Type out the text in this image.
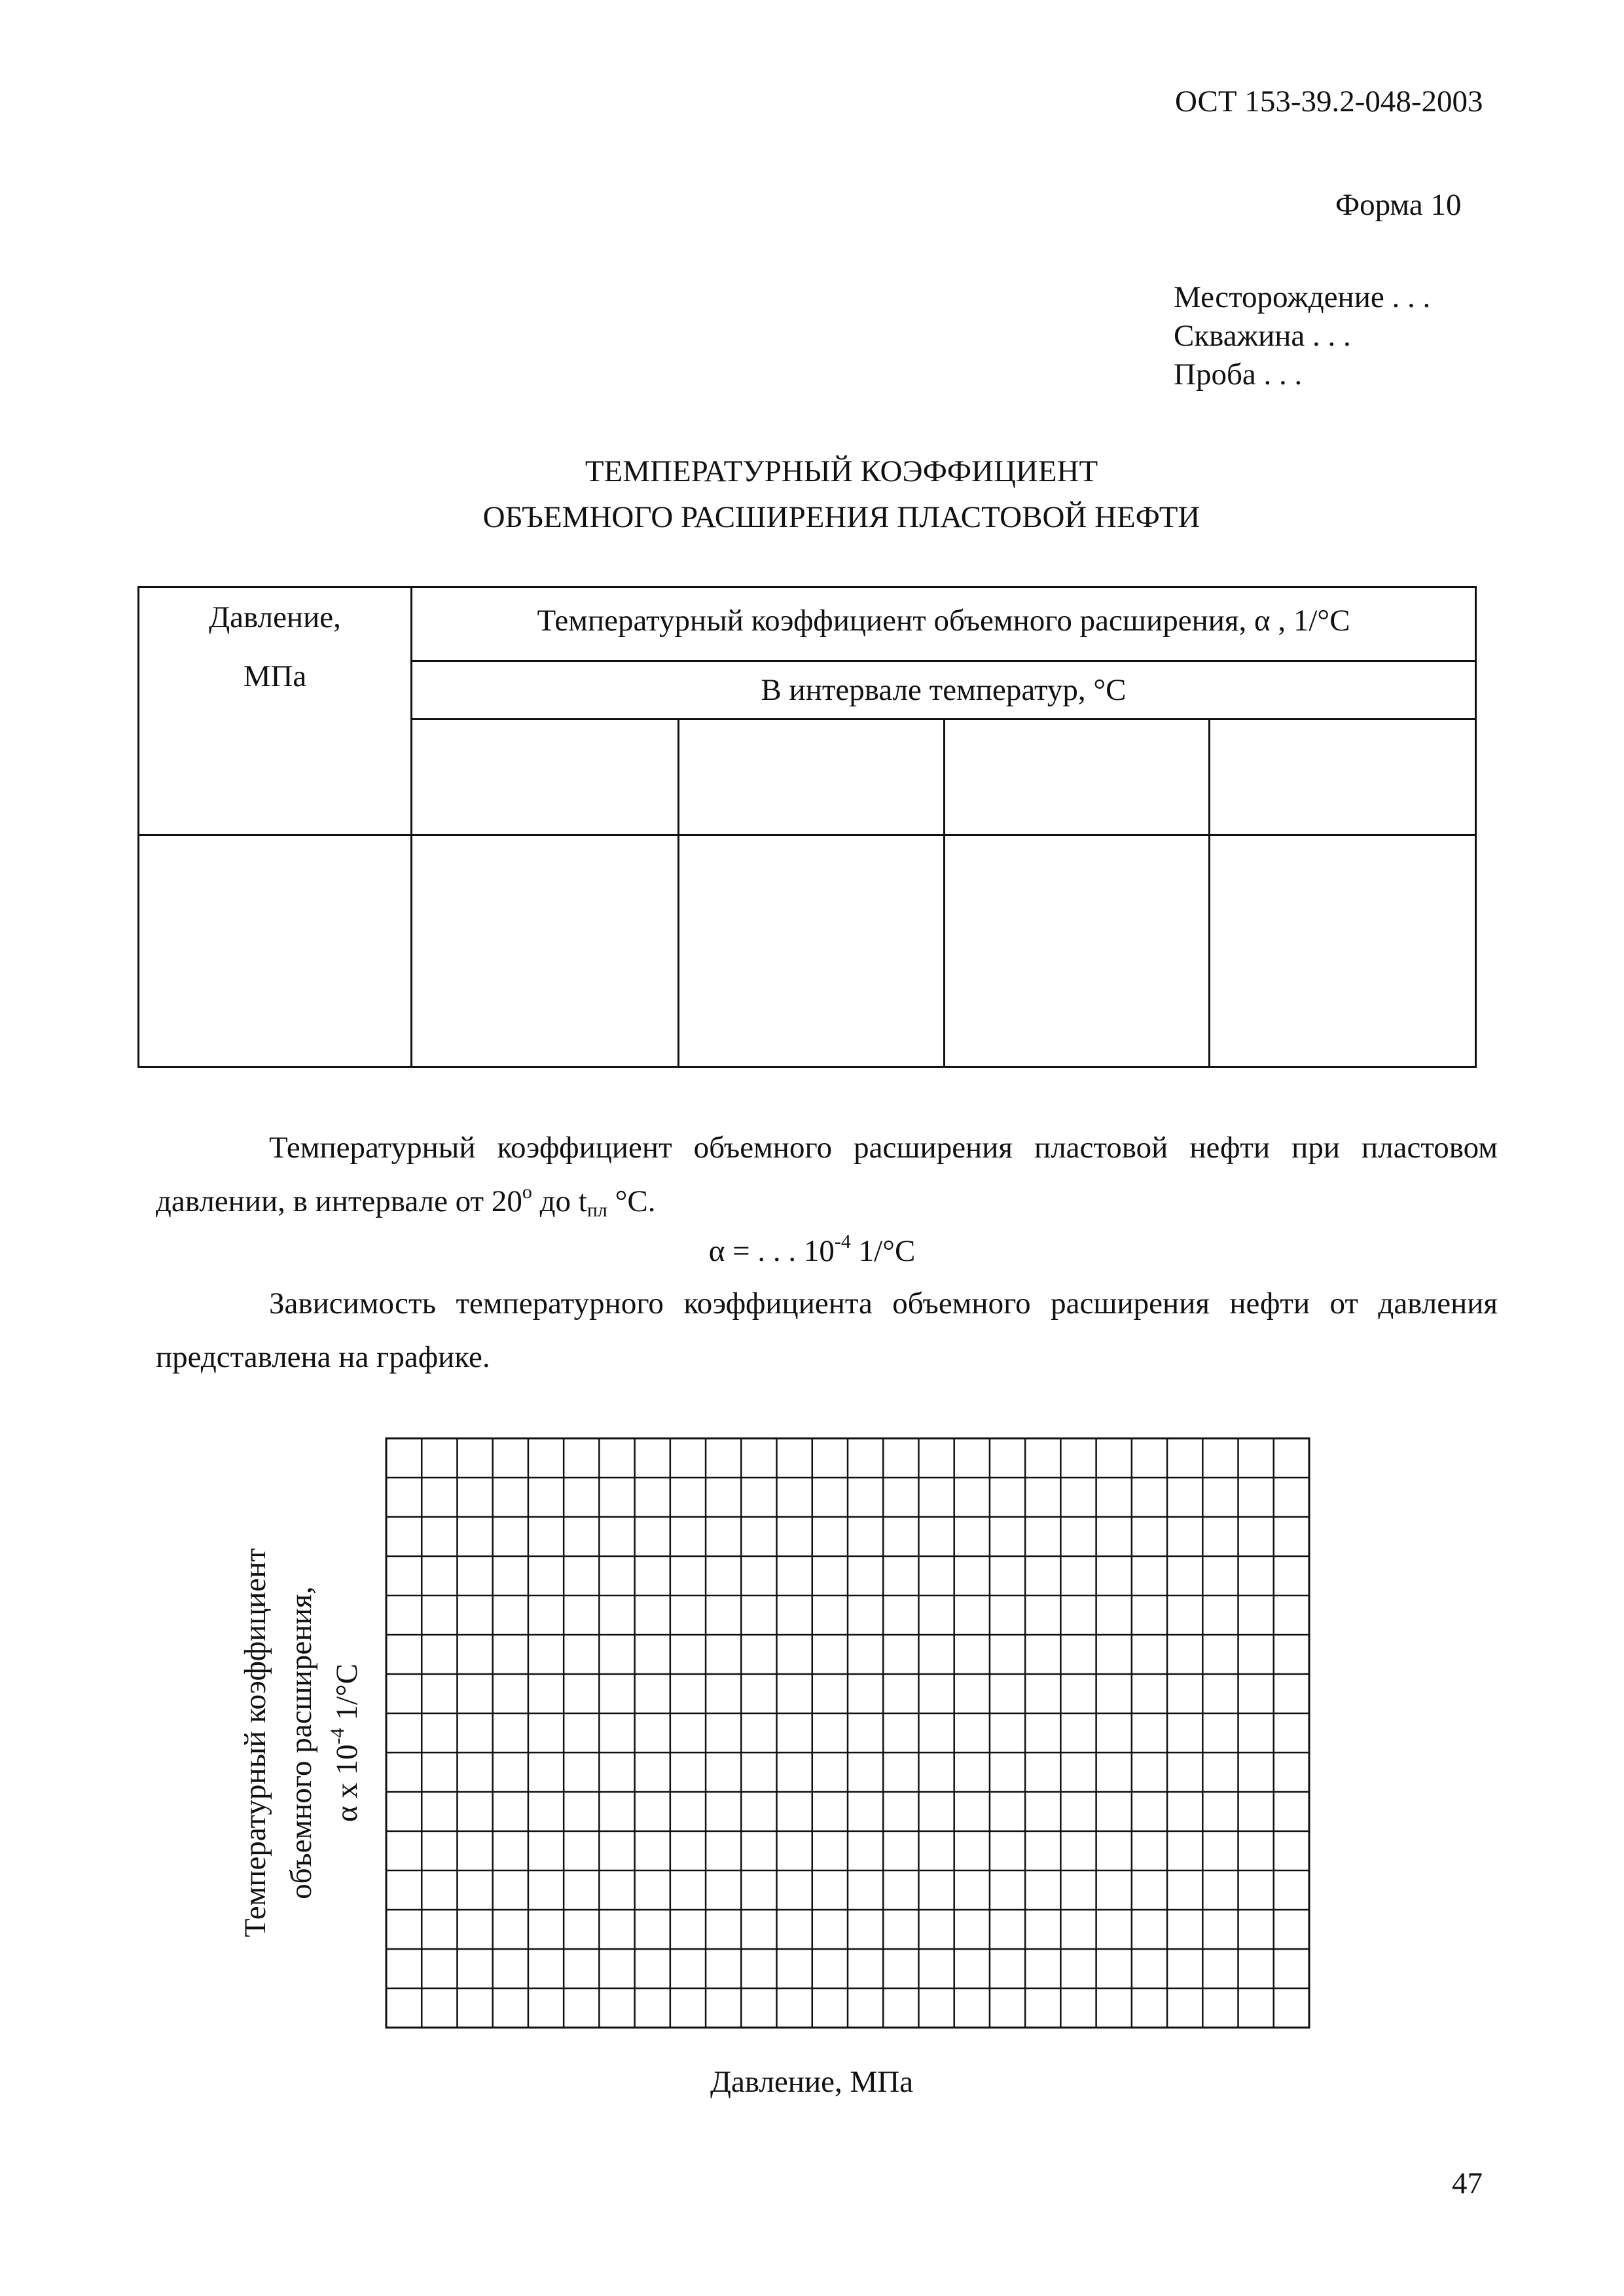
ОСТ 153-39.2-048-2003
Форма 10
Месторождение . . .
Скважина . . .
Проба . . .
ТЕМПЕРАТУРНЫЙ КОЭФФИЦИЕНТ
ОБЪЕМНОГО РАСШИРЕНИЯ ПЛАСТОВОЙ НЕФТИ
Давление,
МПа	Температурный коэффициент объемного расширения, α , 1/°С			
	В интервале температур, °С			

Температурный коэффициент объемного расширения пластовой нефти при пластовом давлении, в интервале от 20$^o$ до $t_{пл}$ °С.
α = . . . $10^{-4}$ 1/°С
Зависимость температурного коэффициента объемного расширения нефти от давления представлена на графике.
Температурный коэффициент объемного расширения, α x $10^{-4}$ 1/°С
Давление, МПа
47
